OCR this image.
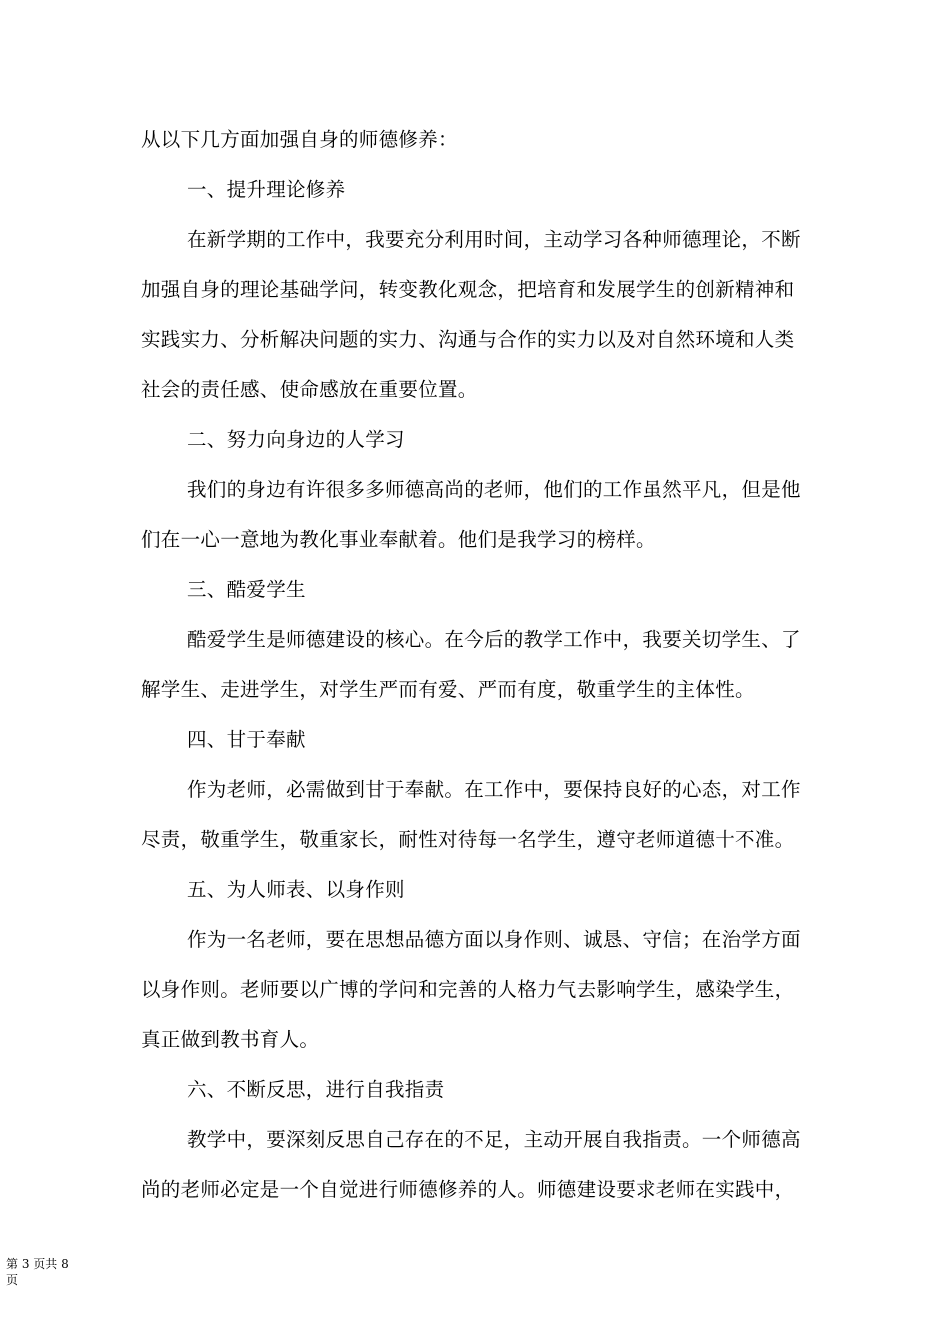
从以下几方面加强自身的师德修养：
一、提升理论修养
在新学期的工作中，我要充分利用时间，主动学习各种师德理论，不断
加强自身的理论基础学问，转变教化观念，把培育和发展学生的创新精神和
实践实力、分析解决问题的实力、沟通与合作的实力以及对自然环境和人类
社会的责任感、使命感放在重要位置。
二、努力向身边的人学习
我们的身边有许很多多师德高尚的老师，他们的工作虽然平凡，但是他
们在一心一意地为教化事业奉献着。他们是我学习的榜样。
三、酷爱学生
酷爱学生是师德建设的核心。在今后的教学工作中，我要关切学生、了
解学生、走进学生，对学生严而有爱、严而有度，敬重学生的主体性。
四、甘于奉献
作为老师，必需做到甘于奉献。在工作中，要保持良好的心态，对工作
尽责，敬重学生，敬重家长，耐性对待每一名学生，遵守老师道德十不准。
五、为人师表、以身作则
作为一名老师，要在思想品德方面以身作则、诚恳、守信；在治学方面
以身作则。老师要以广博的学问和完善的人格力气去影响学生，感染学生，
真正做到教书育人。
六、不断反思，进行自我指责
教学中，要深刻反思自己存在的不足，主动开展自我指责。一个师德高
尚的老师必定是一个自觉进行师德修养的人。师德建设要求老师在实践中，
第 3 页共 8 页
